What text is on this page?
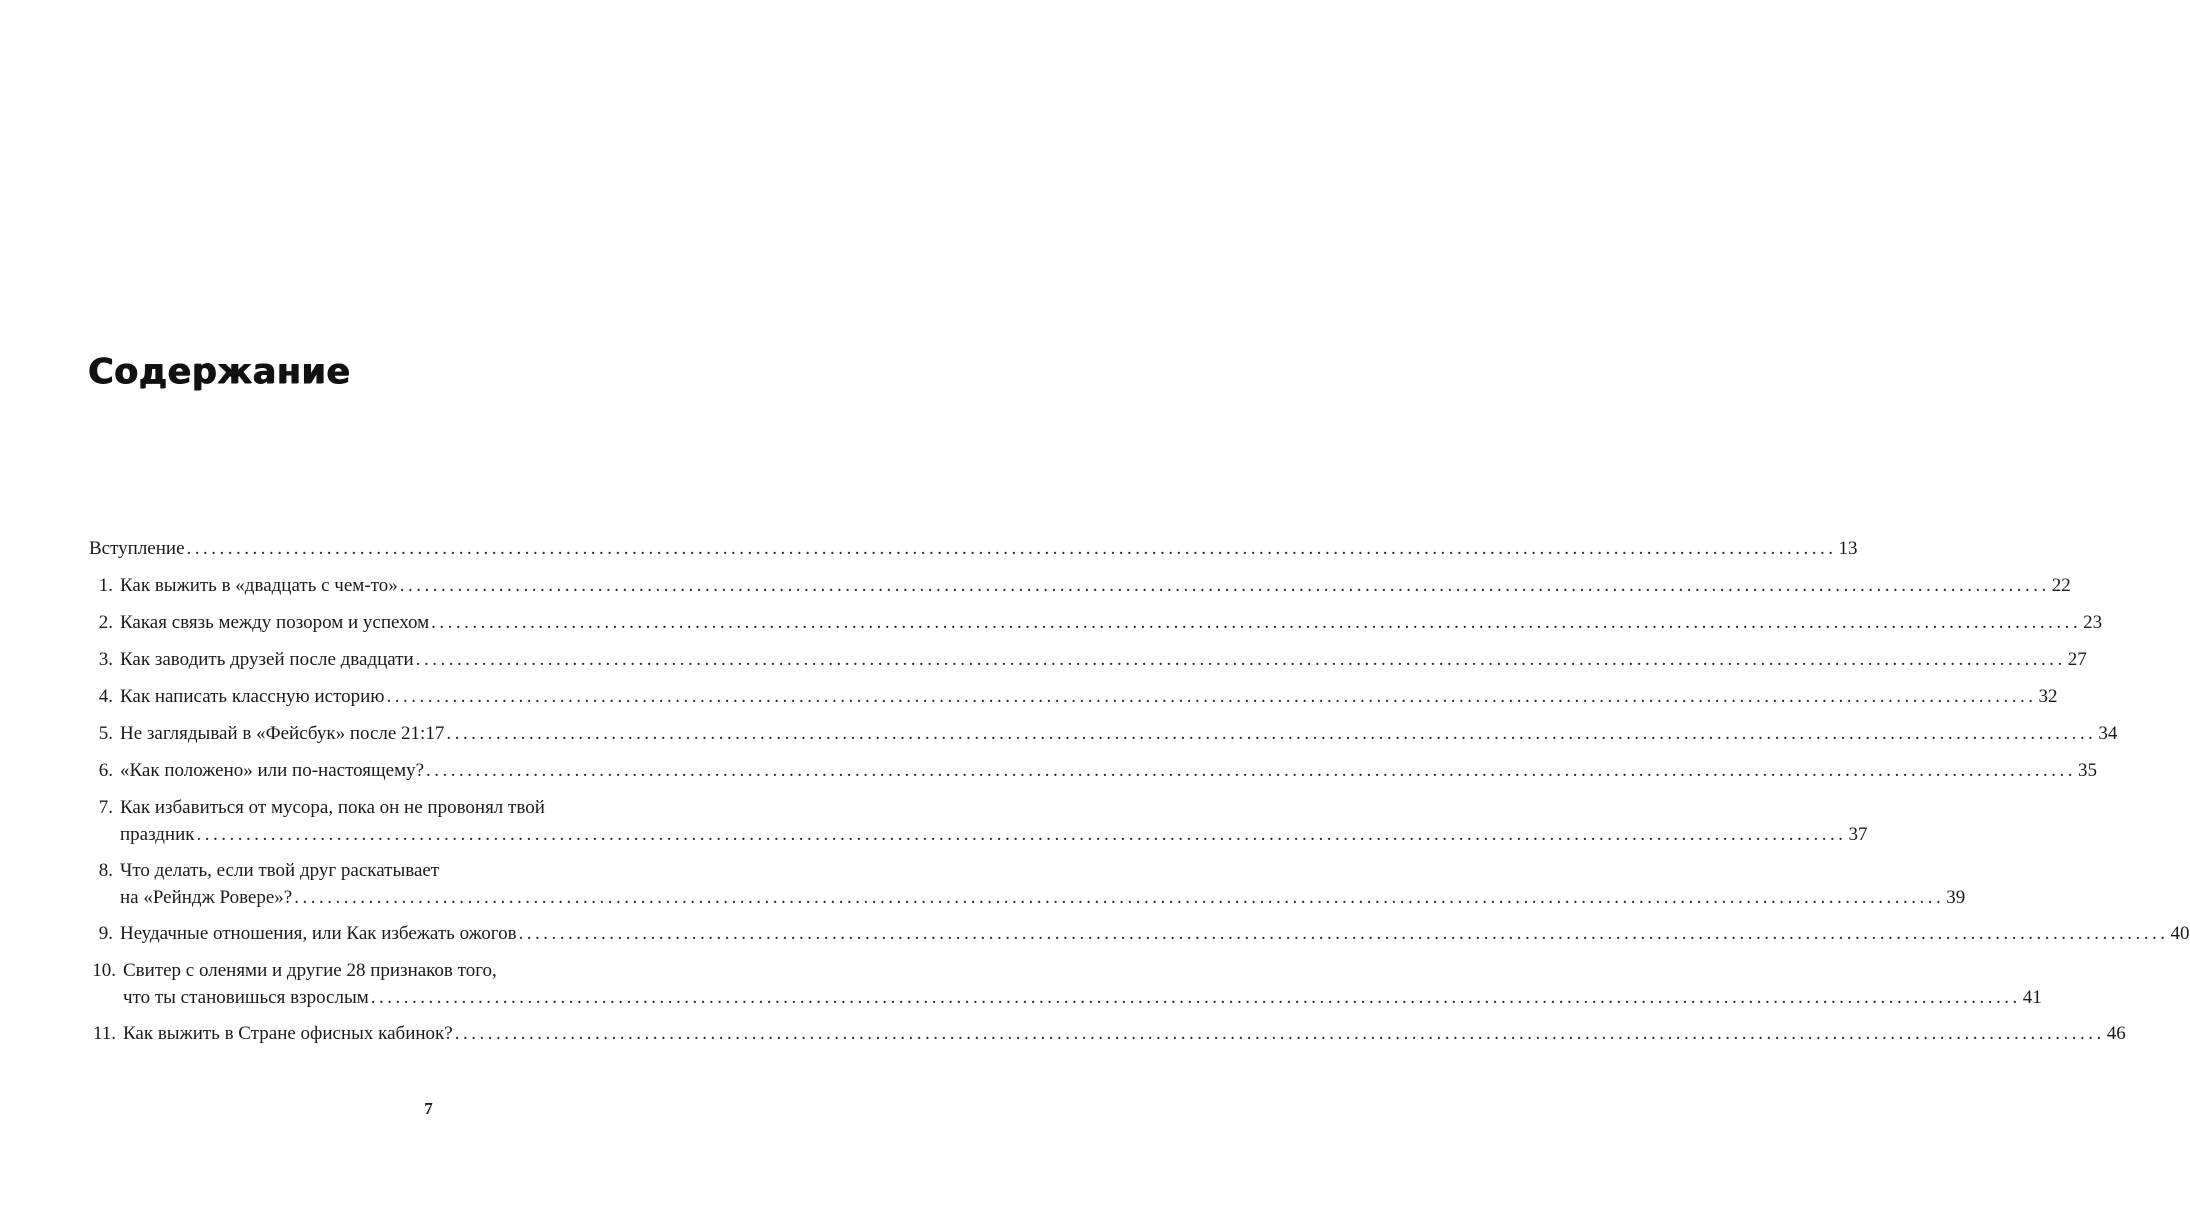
Содержание
Вступление ........................................................................................................................................................................................................ 13
1. Как выжить в «двадцать с чем-то» ........................................................................................................................................................................................................ 22
2. Какая связь между позором и успехом ........................................................................................................................................................................................................ 23
3. Как заводить друзей после двадцати ........................................................................................................................................................................................................ 27
4. Как написать классную историю ........................................................................................................................................................................................................ 32
5. Не заглядывай в «Фейсбук» после 21:17 ........................................................................................................................................................................................................ 34
6. «Как положено» или по-настоящему? ........................................................................................................................................................................................................ 35
7. Как избавиться от мусора, пока он не провонял твой
праздник ........................................................................................................................................................................................................ 37
8. Что делать, если твой друг раскатывает
на «Рейндж Ровере»? ........................................................................................................................................................................................................ 39
9. Неудачные отношения, или Как избежать ожогов ........................................................................................................................................................................................................ 40
10. Свитер с оленями и другие 28 признаков того,
что ты становишься взрослым ........................................................................................................................................................................................................ 41
11. Как выжить в Стране офисных кабинок? ........................................................................................................................................................................................................ 46
7
